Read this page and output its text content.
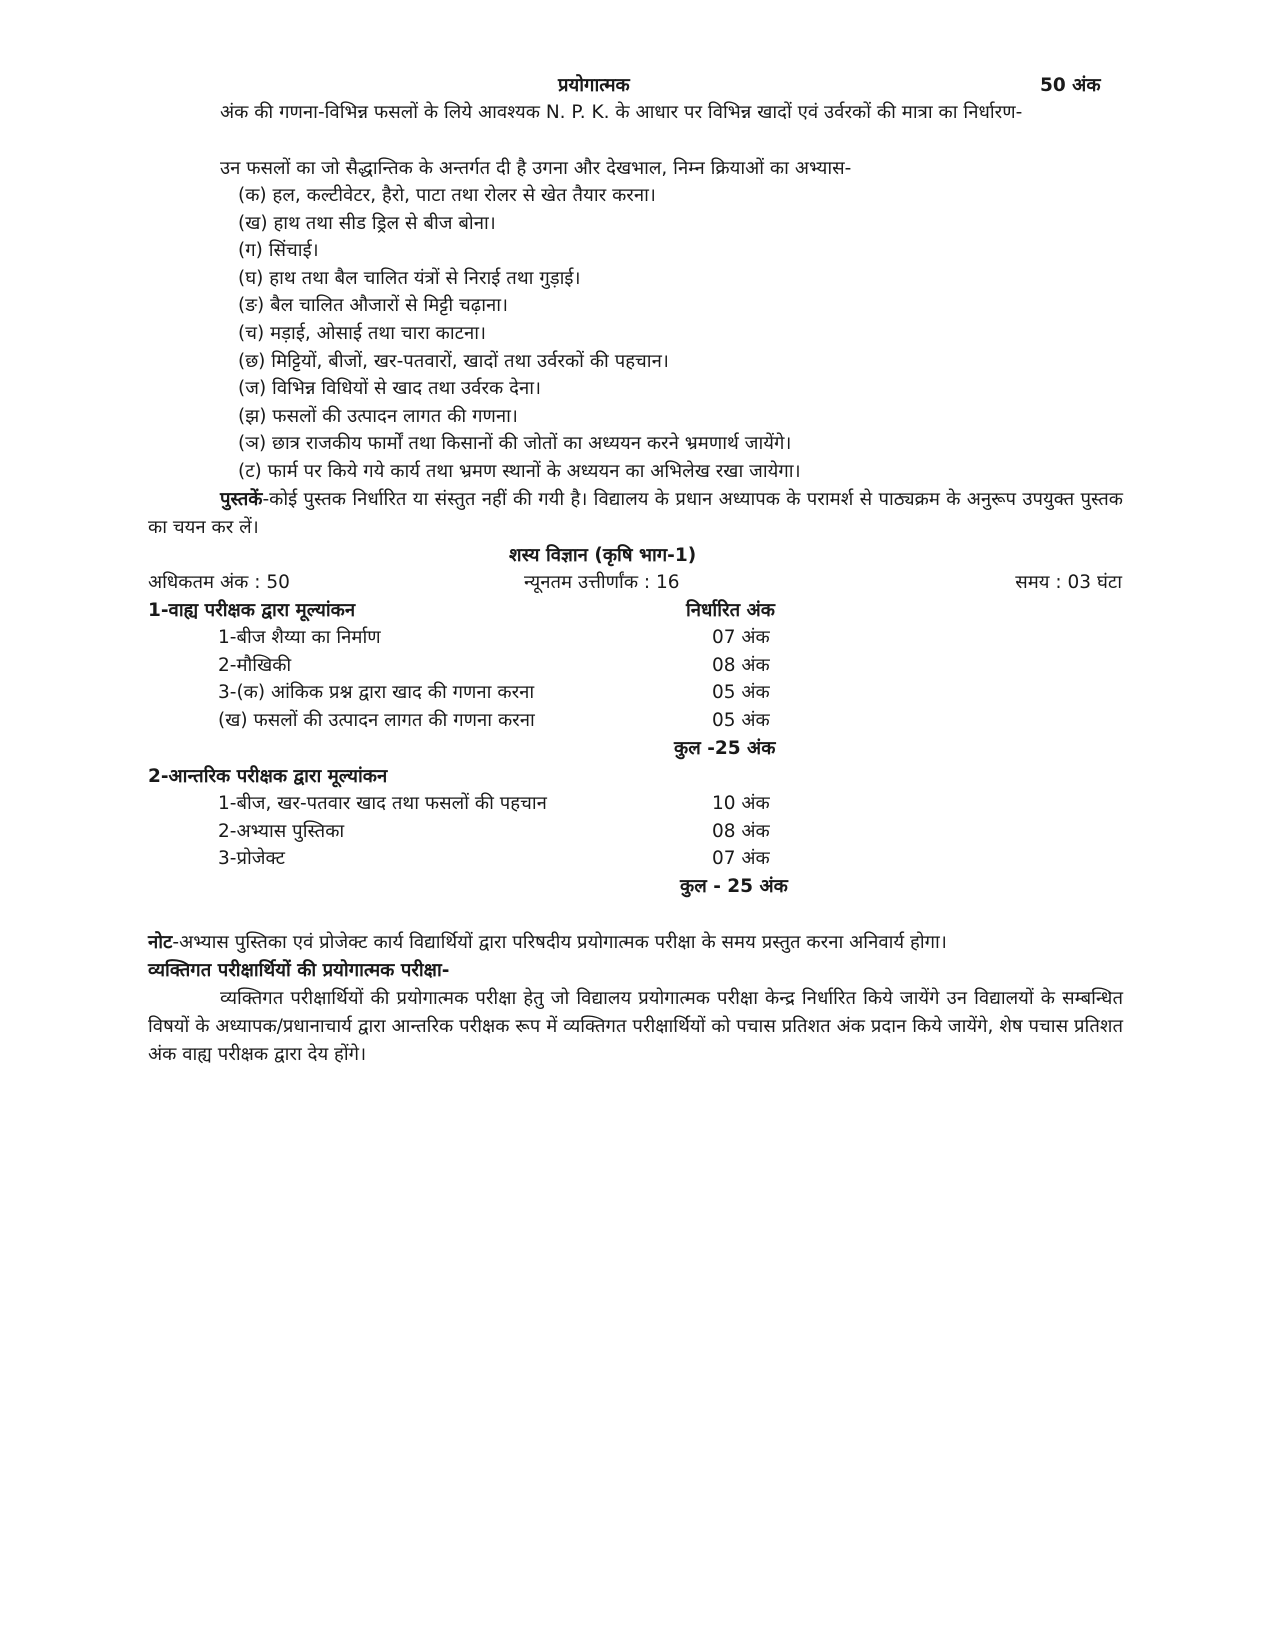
प्रयोगात्मक	50 अंक
अंक की गणना-विभिन्न फसलों के लिये आवश्यक N. P. K. के आधार पर विभिन्न खादों एवं उर्वरकों की मात्रा का निर्धारण-
उन फसलों का जो सैद्धान्तिक के अन्तर्गत दी है उगना और देखभाल, निम्न क्रियाओं का अभ्यास-
(क) हल, कल्टीवेटर, हैरो, पाटा तथा रोलर से खेत तैयार करना।
(ख) हाथ तथा सीड ड्रिल से बीज बोना।
(ग) सिंचाई।
(घ) हाथ तथा बैल चालित यंत्रों से निराई तथा गुड़ाई।
(ङ) बैल चालित औजारों से मिट्टी चढ़ाना।
(च) मड़ाई, ओसाई तथा चारा काटना।
(छ) मिट्टियों, बीजों, खर-पतवारों, खादों तथा उर्वरकों की पहचान।
(ज) विभिन्न विधियों से खाद तथा उर्वरक देना।
(झ) फसलों की उत्पादन लागत की गणना।
(ञ) छात्र राजकीय फार्मों तथा किसानों की जोतों का अध्ययन करने भ्रमणार्थ जायेंगे।
(ट) फार्म पर किये गये कार्य तथा भ्रमण स्थानों के अध्ययन का अभिलेख रखा जायेगा।
पुस्तकें-कोई पुस्तक निर्धारित या संस्तुत नहीं की गयी है। विद्यालय के प्रधान अध्यापक के परामर्श से पाठ्यक्रम के अनुरूप उपयुक्त पुस्तक का चयन कर लें।
शस्य विज्ञान (कृषि भाग-1)
अधिकतम अंक : 50	न्यूनतम उत्तीर्णांक : 16	समय : 03 घंटा
1-वाह्य परीक्षक द्वारा मूल्यांकन	निर्धारित अंक
1-बीज शैय्या का निर्माण	07 अंक
2-मौखिकी	08 अंक
3-(क) आंकिक प्रश्न द्वारा खाद की गणना करना	05 अंक
(ख) फसलों की उत्पादन लागत की गणना करना	05 अंक
कुल -25 अंक
2-आन्तरिक परीक्षक द्वारा मूल्यांकन
1-बीज, खर-पतवार खाद तथा फसलों की पहचान	10 अंक
2-अभ्यास पुस्तिका	08 अंक
3-प्रोजेक्ट	07 अंक
कुल - 25 अंक
नोट-अभ्यास पुस्तिका एवं प्रोजेक्ट कार्य विद्यार्थियों द्वारा परिषदीय प्रयोगात्मक परीक्षा के समय प्रस्तुत करना अनिवार्य होगा।
व्यक्तिगत परीक्षार्थियों की प्रयोगात्मक परीक्षा-
व्यक्तिगत परीक्षार्थियों की प्रयोगात्मक परीक्षा हेतु जो विद्यालय प्रयोगात्मक परीक्षा केन्द्र निर्धारित किये जायेंगे उन विद्यालयों के सम्बन्धित विषयों के अध्यापक/प्रधानाचार्य द्वारा आन्तरिक परीक्षक रूप में व्यक्तिगत परीक्षार्थियों को पचास प्रतिशत अंक प्रदान किये जायेंगे, शेष पचास प्रतिशत अंक वाह्य परीक्षक द्वारा देय होंगे।
